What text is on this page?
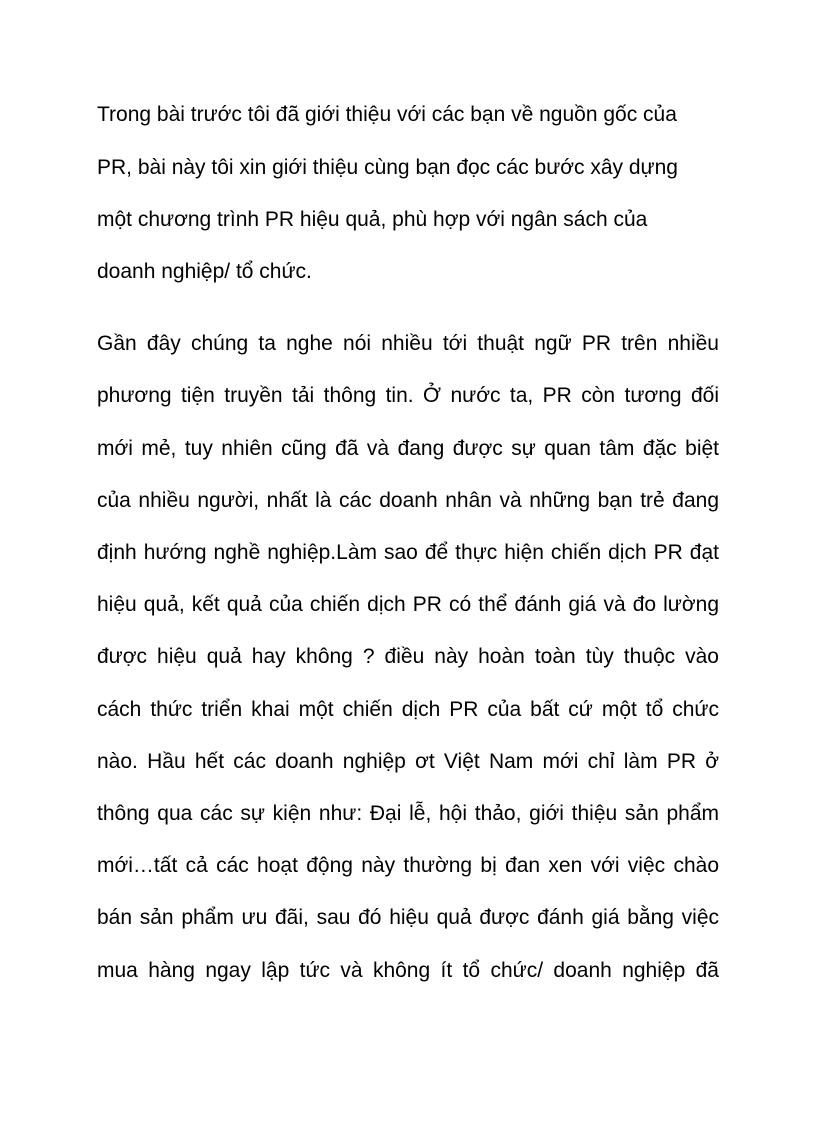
Trong bài trước tôi đã giới thiệu với các bạn về nguồn gốc của
PR, bài này tôi xin giới thiệu cùng bạn đọc các bước xây dựng
một chương trình PR hiệu quả, phù hợp với ngân sách của
doanh nghiệp/ tổ chức.
Gần đây chúng ta nghe nói nhiều tới thuật ngữ PR trên nhiều
phương tiện truyền tải thông tin. Ở nước ta, PR còn tương đối
mới mẻ, tuy nhiên cũng đã và đang được sự quan tâm đặc biệt
của nhiều người, nhất là các doanh nhân và những bạn trẻ đang
định hướng nghề nghiệp.Làm sao để thực hiện chiến dịch PR đạt
hiệu quả, kết quả của chiến dịch PR có thể đánh giá và đo lường
được hiệu quả hay không ? điều này hoàn toàn tùy thuộc vào
cách thức triển khai một chiến dịch PR của bất cứ một tổ chức
nào. Hầu hết các doanh nghiệp ơt Việt Nam mới chỉ làm PR ở
thông qua các sự kiện như: Đại lễ, hội thảo, giới thiệu sản phẩm
mới…tất cả các hoạt động này thường bị đan xen với việc chào
bán sản phẩm ưu đãi, sau đó hiệu quả được đánh giá bằng việc
mua hàng ngay lập tức và không ít tổ chức/ doanh nghiệp đã
